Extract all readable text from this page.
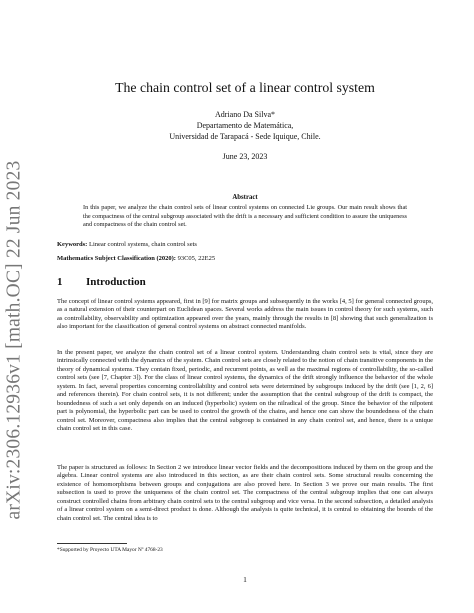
arXiv:2306.12936v1 [math.OC] 22 Jun 2023
The chain control set of a linear control system
Adriano Da Silva*
Departamento de Matemática,
Universidad de Tarapacá - Sede Iquique, Chile.
June 23, 2023
Abstract
In this paper, we analyze the chain control sets of linear control systems on connected Lie groups. Our main result shows that the compactness of the central subgroup associated with the drift is a necessary and sufficient condition to assure the uniqueness and compactness of the chain control set.
Keywords: Linear control systems, chain control sets
Mathematics Subject Classification (2020): 93C05, 22E25
1 Introduction

The concept of linear control systems appeared, first in [9] for matrix groups and subsequently in the works [4, 5] for general connected groups, as a natural extension of their counterpart on Euclidean spaces. Several works address the main issues in control theory for such systems, such as controllability, observability and optimization appeared over the years, mainly through the results in [8] showing that such generalization is also important for the classification of general control systems on abstract connected manifolds.

In the present paper, we analyze the chain control set of a linear control system. Understanding chain control sets is vital, since they are intrinsically connected with the dynamics of the system. Chain control sets are closely related to the notion of chain transitive components in the theory of dynamical systems. They contain fixed, periodic, and recurrent points, as well as the maximal regions of controllability, the so-called control sets (see [7, Chapter 3]). For the class of linear control systems, the dynamics of the drift strongly influence the behavior of the whole system. In fact, several properties concerning controllability and control sets were determined by subgroups induced by the drift (see [1, 2, 6] and references therein). For chain control sets, it is not different; under the assumption that the central subgroup of the drift is compact, the boundedness of such a set only depends on an induced (hyperbolic) system on the nilradical of the group. Since the behavior of the nilpotent part is polynomial, the hyperbolic part can be used to control the growth of the chains, and hence one can show the boundedness of the chain control set. Moreover, compactness also implies that the central subgroup is contained in any chain control set, and hence, there is a unique chain control set in this case.

The paper is structured as follows: In Section 2 we introduce linear vector fields and the decompositions induced by them on the group and the algebra. Linear control systems are also introduced in this section, as are their chain control sets. Some structural results concerning the existence of homomorphisms between groups and conjugations are also proved here. In Section 3 we prove our main results. The first subsection is used to prove the uniqueness of the chain control set. The compactness of the central subgroup implies that one can always construct controlled chains from arbitrary chain control sets to the central subgroup and vice versa. In the second subsection, a detailed analysis of a linear control system on a semi-direct product is done. Although the analysis is quite technical, it is central to obtaining the bounds of the chain control set. The central idea is to

*Supported by Proyecto UTA Mayor Nº 4768-23
1
